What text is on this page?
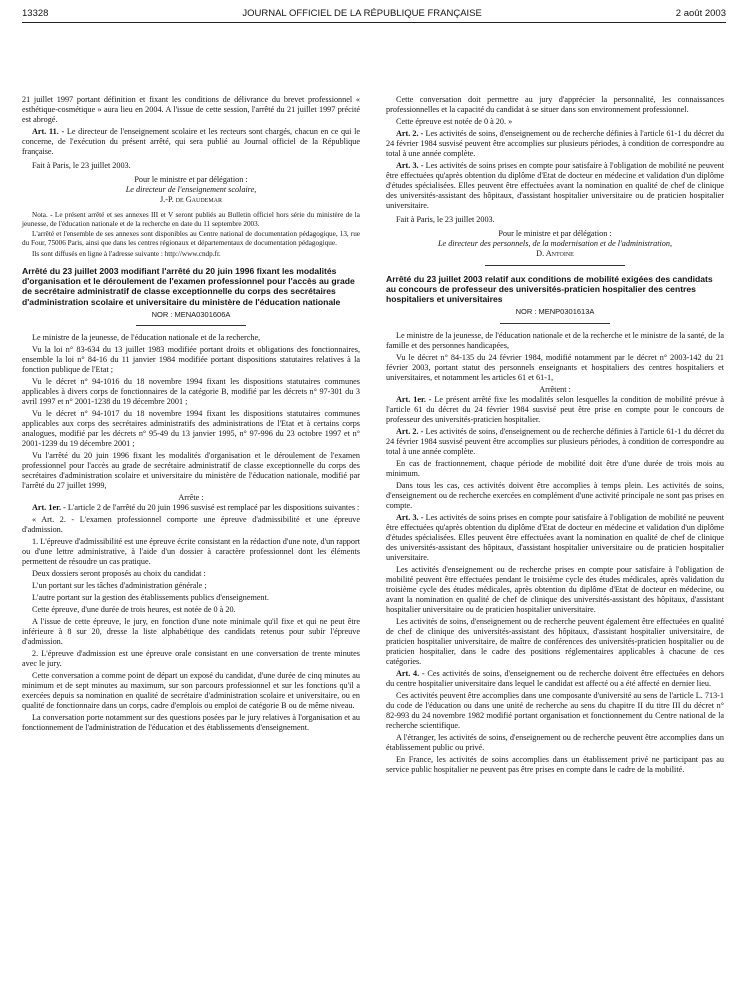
13328	JOURNAL OFFICIEL DE LA RÉPUBLIQUE FRANÇAISE	2 août 2003

21 juillet 1997 portant définition et fixant les conditions de délivrance du brevet professionnel « esthétique-cosmétique » aura lieu en 2004. A l'issue de cette session, l'arrêté du 21 juillet 1997 précité est abrogé.

Art. 11. - Le directeur de l'enseignement scolaire et les recteurs sont chargés, chacun en ce qui le concerne, de l'exécution du présent arrêté, qui sera publié au Journal officiel de la République française.

Fait à Paris, le 23 juillet 2003.

Pour le ministre et par délégation :

Le directeur de l'enseignement scolaire,

J.-P. de Gaudemar

Nota. - Le présent arrêté et ses annexes III et V seront publiés au Bulletin officiel hors série du ministère de la jeunesse, de l'éducation nationale et de la recherche en date du 11 septembre 2003.

L'arrêté et l'ensemble de ses annexes sont disponibles au Centre national de documentation pédagogique, 13, rue du Four, 75006 Paris, ainsi que dans les centres régionaux et départementaux de documentation pédagogique.

Ils sont diffusés en ligne à l'adresse suivante : http://www.cndp.fr.

Arrêté du 23 juillet 2003 modifiant l'arrêté du 20 juin 1996 fixant les modalités d'organisation et le déroulement de l'examen professionnel pour l'accès au grade de secrétaire administratif de classe exceptionnelle du corps des secrétaires d'administration scolaire et universitaire du ministère de l'éducation nationale

NOR : MENA0301606A

Le ministre de la jeunesse, de l'éducation nationale et de la recherche,

Vu la loi n° 83-634 du 13 juillet 1983 modifiée portant droits et obligations des fonctionnaires, ensemble la loi n° 84-16 du 11 janvier 1984 modifiée portant dispositions statutaires relatives à la fonction publique de l'Etat ;

Vu le décret n° 94-1016 du 18 novembre 1994 fixant les dispositions statutaires communes applicables à divers corps de fonctionnaires de la catégorie B, modifié par les décrets n° 97-301 du 3 avril 1997 et n° 2001-1238 du 19 décembre 2001 ;

Vu le décret n° 94-1017 du 18 novembre 1994 fixant les dispositions statutaires communes applicables aux corps des secrétaires administratifs des administrations de l'Etat et à certains corps analogues, modifié par les décrets n° 95-49 du 13 janvier 1995, n° 97-996 du 23 octobre 1997 et n° 2001-1239 du 19 décembre 2001 ;

Vu l'arrêté du 20 juin 1996 fixant les modalités d'organisation et le déroulement de l'examen professionnel pour l'accès au grade de secrétaire administratif de classe exceptionnelle du corps des secrétaires d'administration scolaire et universitaire du ministère de l'éducation nationale, modifié par l'arrêté du 27 juillet 1999,

Arrête :

Art. 1er. - L'article 2 de l'arrêté du 20 juin 1996 susvisé est remplacé par les dispositions suivantes :

« Art. 2. - L'examen professionnel comporte une épreuve d'admissibilité et une épreuve d'admission.

1. L'épreuve d'admissibilité est une épreuve écrite consistant en la rédaction d'une note, d'un rapport ou d'une lettre administrative, à l'aide d'un dossier à caractère professionnel dont les éléments permettent de résoudre un cas pratique.

Deux dossiers seront proposés au choix du candidat :

L'un portant sur les tâches d'administration générale ;

L'autre portant sur la gestion des établissements publics d'enseignement.

Cette épreuve, d'une durée de trois heures, est notée de 0 à 20.

A l'issue de cette épreuve, le jury, en fonction d'une note minimale qu'il fixe et qui ne peut être inférieure à 8 sur 20, dresse la liste alphabétique des candidats retenus pour subir l'épreuve d'admission.

2. L'épreuve d'admission est une épreuve orale consistant en une conversation de trente minutes avec le jury.

Cette conversation a comme point de départ un exposé du candidat, d'une durée de cinq minutes au minimum et de sept minutes au maximum, sur son parcours professionnel et sur les fonctions qu'il a exercées depuis sa nomination en qualité de secrétaire d'administration scolaire et universitaire, ou en qualité de fonctionnaire dans un corps, cadre d'emplois ou emploi de catégorie B ou de même niveau.

La conversation porte notamment sur des questions posées par le jury relatives à l'organisation et au fonctionnement de l'administration de l'éducation et des établissements d'enseignement.

Cette conversation doit permettre au jury d'apprécier la personnalité, les connaissances professionnelles et la capacité du candidat à se situer dans son environnement professionnel.

Cette épreuve est notée de 0 à 20. »

Art. 2. - Les activités de soins, d'enseignement ou de recherche définies à l'article 61-1 du décret du 24 février 1984 susvisé peuvent être accomplies sur plusieurs périodes, à condition de correspondre au total à une année complète.

Art. 3. - Les activités de soins prises en compte pour satisfaire à l'obligation de mobilité ne peuvent être effectuées qu'après obtention du diplôme d'Etat de docteur en médecine et validation d'un diplôme d'études spécialisées. Elles peuvent être effectuées avant la nomination en qualité de chef de clinique des universités-assistant des hôpitaux, d'assistant hospitalier universitaire ou de praticien hospitalier universitaire.

Fait à Paris, le 23 juillet 2003.

Pour le ministre et par délégation :

Le directeur des personnels, de la modernisation et de l'administration,

D. Antoine

Arrêté du 23 juillet 2003 relatif aux conditions de mobilité exigées des candidats au concours de professeur des universités-praticien hospitalier des centres hospitaliers et universitaires

NOR : MENP0301613A

Le ministre de la jeunesse, de l'éducation nationale et de la recherche et le ministre de la santé, de la famille et des personnes handicapées,

Vu le décret n° 84-135 du 24 février 1984, modifié notamment par le décret n° 2003-142 du 21 février 2003, portant statut des personnels enseignants et hospitaliers des centres hospitaliers et universitaires, et notamment les articles 61 et 61-1,

Arrêtent :

Art. 1er. - Le présent arrêté fixe les modalités selon lesquelles la condition de mobilité prévue à l'article 61 du décret du 24 février 1984 susvisé peut être prise en compte pour le concours de professeur des universités-praticien hospitalier.

Art. 2. - Les activités de soins, d'enseignement ou de recherche définies à l'article 61-1 du décret du 24 février 1984 susvisé peuvent être accomplies sur plusieurs périodes, à condition de correspondre au total à une année complète.

En cas de fractionnement, chaque période de mobilité doit être d'une durée de trois mois au minimum.

Dans tous les cas, ces activités doivent être accomplies à temps plein. Les activités de soins, d'enseignement ou de recherche exercées en complément d'une activité principale ne sont pas prises en compte.

Art. 3. - Les activités de soins prises en compte pour satisfaire à l'obligation de mobilité ne peuvent être effectuées qu'après obtention du diplôme d'Etat de docteur en médecine et validation d'un diplôme d'études spécialisées. Elles peuvent être effectuées avant la nomination en qualité de chef de clinique des universités-assistant des hôpitaux, d'assistant hospitalier universitaire ou de praticien hospitalier universitaire.

Les activités d'enseignement ou de recherche prises en compte pour satisfaire à l'obligation de mobilité peuvent être effectuées pendant le troisième cycle des études médicales, après validation du troisième cycle des études médicales, après obtention du diplôme d'Etat de docteur en médecine, ou avant la nomination en qualité de chef de clinique des universités-assistant des hôpitaux, d'assistant hospitalier universitaire ou de praticien hospitalier universitaire.

Les activités de soins, d'enseignement ou de recherche peuvent également être effectuées en qualité de chef de clinique des universités-assistant des hôpitaux, d'assistant hospitalier universitaire, de praticien hospitalier universitaire, de maître de conférences des universités-praticien hospitalier ou de praticien hospitalier, dans le cadre des positions réglementaires applicables à chacune de ces catégories.

Art. 4. - Ces activités de soins, d'enseignement ou de recherche doivent être effectuées en dehors du centre hospitalier universitaire dans lequel le candidat est affecté ou a été affecté en dernier lieu.

Ces activités peuvent être accomplies dans une composante d'université au sens de l'article L. 713-1 du code de l'éducation ou dans une unité de recherche au sens du chapitre II du titre III du décret n° 82-993 du 24 novembre 1982 modifié portant organisation et fonctionnement du Centre national de la recherche scientifique.

A l'étranger, les activités de soins, d'enseignement ou de recherche peuvent être accomplies dans un établissement public ou privé.

En France, les activités de soins accomplies dans un établissement privé ne participant pas au service public hospitalier ne peuvent pas être prises en compte dans le cadre de la mobilité.
